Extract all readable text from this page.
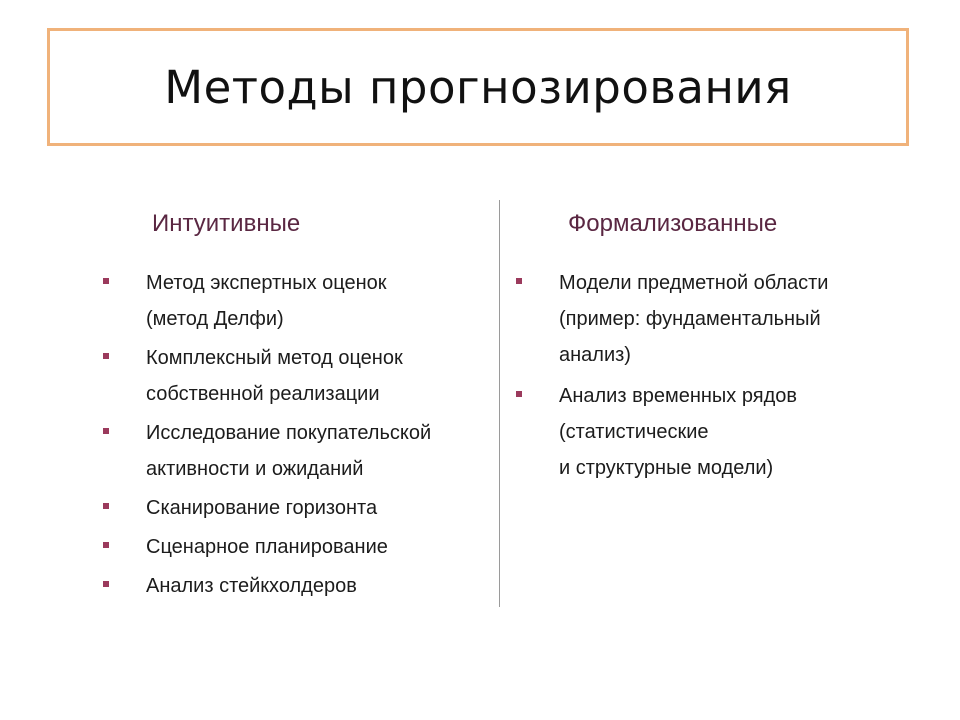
Методы прогнозирования
Интуитивные	Формализованные
Метод экспертных оценок
(метод Делфи)
Комплексный метод оценок
собственной реализации
Исследование покупательской
активности и ожиданий
Сканирование горизонта
Сценарное планирование
Анализ стейкхолдеров
Модели предметной области
(пример: фундаментальный
анализ)
Анализ временных рядов
(статистические
и структурные модели)
